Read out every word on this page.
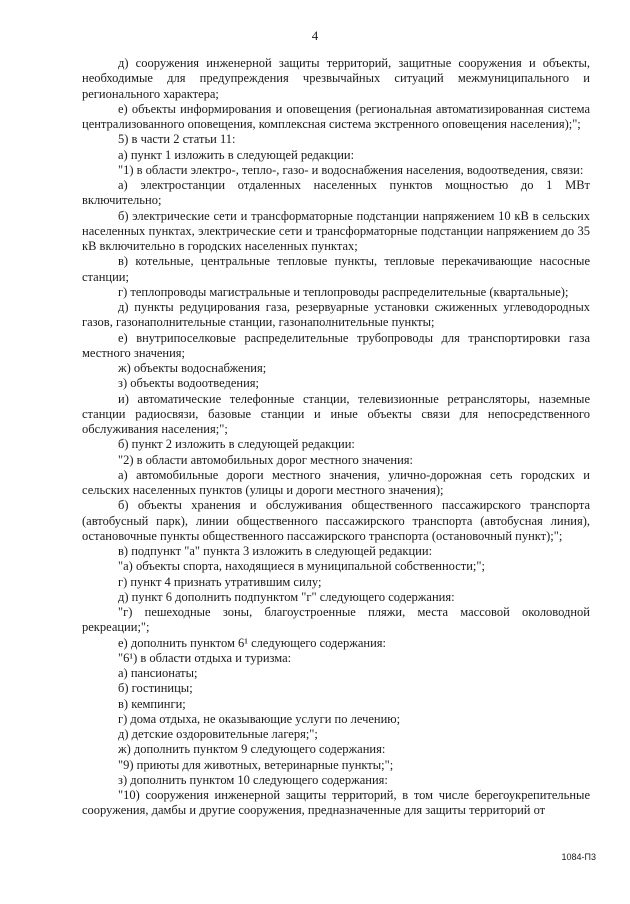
4

д) сооружения инженерной защиты территорий, защитные сооружения и объекты, необходимые для предупреждения чрезвычайных ситуаций межмуниципального и регионального характера;

е) объекты информирования и оповещения (региональная автоматизированная система централизованного оповещения, комплексная система экстренного оповещения населения);";

5) в части 2 статьи 11:

а) пункт 1 изложить в следующей редакции:

"1) в области электро-, тепло-, газо- и водоснабжения населения, водоотведения, связи:

а) электростанции отдаленных населенных пунктов мощностью до 1 МВт включительно;

б) электрические сети и трансформаторные подстанции напряжением 10 кВ в сельских населенных пунктах, электрические сети и трансформаторные подстанции напряжением до 35 кВ включительно в городских населенных пунктах;

в) котельные, центральные тепловые пункты, тепловые перекачивающие насосные станции;

г) теплопроводы магистральные и теплопроводы распределительные (квартальные);

д) пункты редуцирования газа, резервуарные установки сжиженных углеводородных газов, газонаполнительные станции, газонаполнительные пункты;

е) внутрипоселковые распределительные трубопроводы для транспортировки газа местного значения;

ж) объекты водоснабжения;

з) объекты водоотведения;

и) автоматические телефонные станции, телевизионные ретрансляторы, наземные станции радиосвязи, базовые станции и иные объекты связи для непосредственного обслуживания населения;";

б) пункт 2 изложить в следующей редакции:

"2) в области автомобильных дорог местного значения:

а) автомобильные дороги местного значения, улично-дорожная сеть городских и сельских населенных пунктов (улицы и дороги местного значения);

б) объекты хранения и обслуживания общественного пассажирского транспорта (автобусный парк), линии общественного пассажирского транспорта (автобусная линия), остановочные пункты общественного пассажирского транспорта (остановочный пункт);";

в) подпункт "а" пункта 3 изложить в следующей редакции:

"а) объекты спорта, находящиеся в муниципальной собственности;";

г) пункт 4 признать утратившим силу;

д) пункт 6 дополнить подпунктом "г" следующего содержания:

"г) пешеходные зоны, благоустроенные пляжи, места массовой околоводной рекреации;";

е) дополнить пунктом 6¹ следующего содержания:

"6¹) в области отдыха и туризма:

а) пансионаты;

б) гостиницы;

в) кемпинги;

г) дома отдыха, не оказывающие услуги по лечению;

д) детские оздоровительные лагеря;";

ж) дополнить пунктом 9 следующего содержания:

"9) приюты для животных, ветеринарные пункты;";

з) дополнить пунктом 10 следующего содержания:

"10) сооружения инженерной защиты территорий, в том числе берегоукрепительные сооружения, дамбы и другие сооружения, предназначенные для защиты территорий от

1084-П3
